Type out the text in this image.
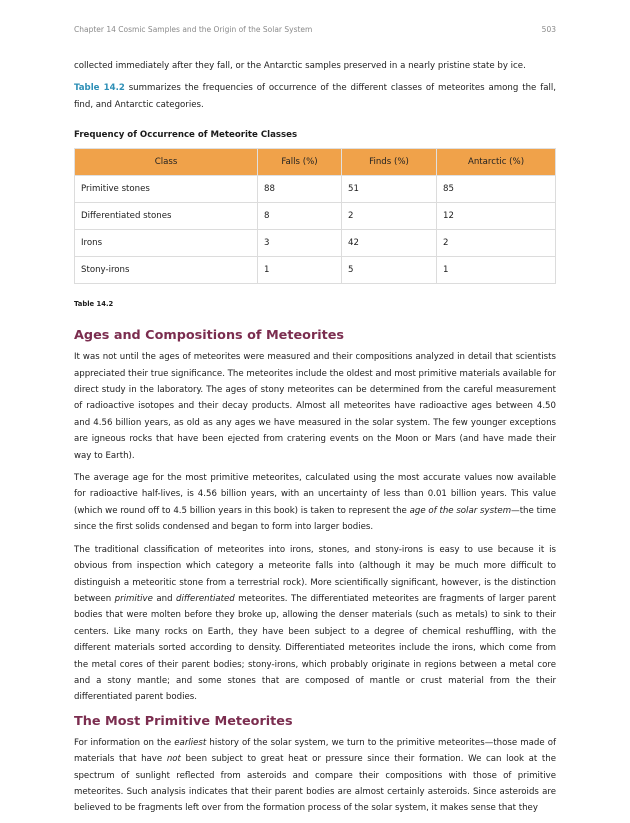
Chapter 14 Cosmic Samples and the Origin of the Solar System	503

collected immediately after they fall, or the Antarctic samples preserved in a nearly pristine state by ice.

Table 14.2 summarizes the frequencies of occurrence of the different classes of meteorites among the fall, find, and Antarctic categories.

Frequency of Occurrence of Meteorite Classes
Class	Falls (%)	Finds (%)	Antarctic (%)
Primitive stones	88	51	85
Differentiated stones	8	2	12
Irons	3	42	2
Stony-irons	1	5	1
Table 14.2
Ages and Compositions of Meteorites

It was not until the ages of meteorites were measured and their compositions analyzed in detail that scientists appreciated their true significance. The meteorites include the oldest and most primitive materials available for direct study in the laboratory. The ages of stony meteorites can be determined from the careful measurement of radioactive isotopes and their decay products. Almost all meteorites have radioactive ages between 4.50 and 4.56 billion years, as old as any ages we have measured in the solar system. The few younger exceptions are igneous rocks that have been ejected from cratering events on the Moon or Mars (and have made their way to Earth).

The average age for the most primitive meteorites, calculated using the most accurate values now available for radioactive half-lives, is 4.56 billion years, with an uncertainty of less than 0.01 billion years. This value (which we round off to 4.5 billion years in this book) is taken to represent the age of the solar system—the time since the first solids condensed and began to form into larger bodies.

The traditional classification of meteorites into irons, stones, and stony-irons is easy to use because it is obvious from inspection which category a meteorite falls into (although it may be much more difficult to distinguish a meteoritic stone from a terrestrial rock). More scientifically significant, however, is the distinction between primitive and differentiated meteorites. The differentiated meteorites are fragments of larger parent bodies that were molten before they broke up, allowing the denser materials (such as metals) to sink to their centers. Like many rocks on Earth, they have been subject to a degree of chemical reshuffling, with the different materials sorted according to density. Differentiated meteorites include the irons, which come from the metal cores of their parent bodies; stony-irons, which probably originate in regions between a metal core and a stony mantle; and some stones that are composed of mantle or crust material from the their differentiated parent bodies.

The Most Primitive Meteorites

For information on the earliest history of the solar system, we turn to the primitive meteorites—those made of materials that have not been subject to great heat or pressure since their formation. We can look at the spectrum of sunlight reflected from asteroids and compare their compositions with those of primitive meteorites. Such analysis indicates that their parent bodies are almost certainly asteroids. Since asteroids are believed to be fragments left over from the formation process of the solar system, it makes sense that they
